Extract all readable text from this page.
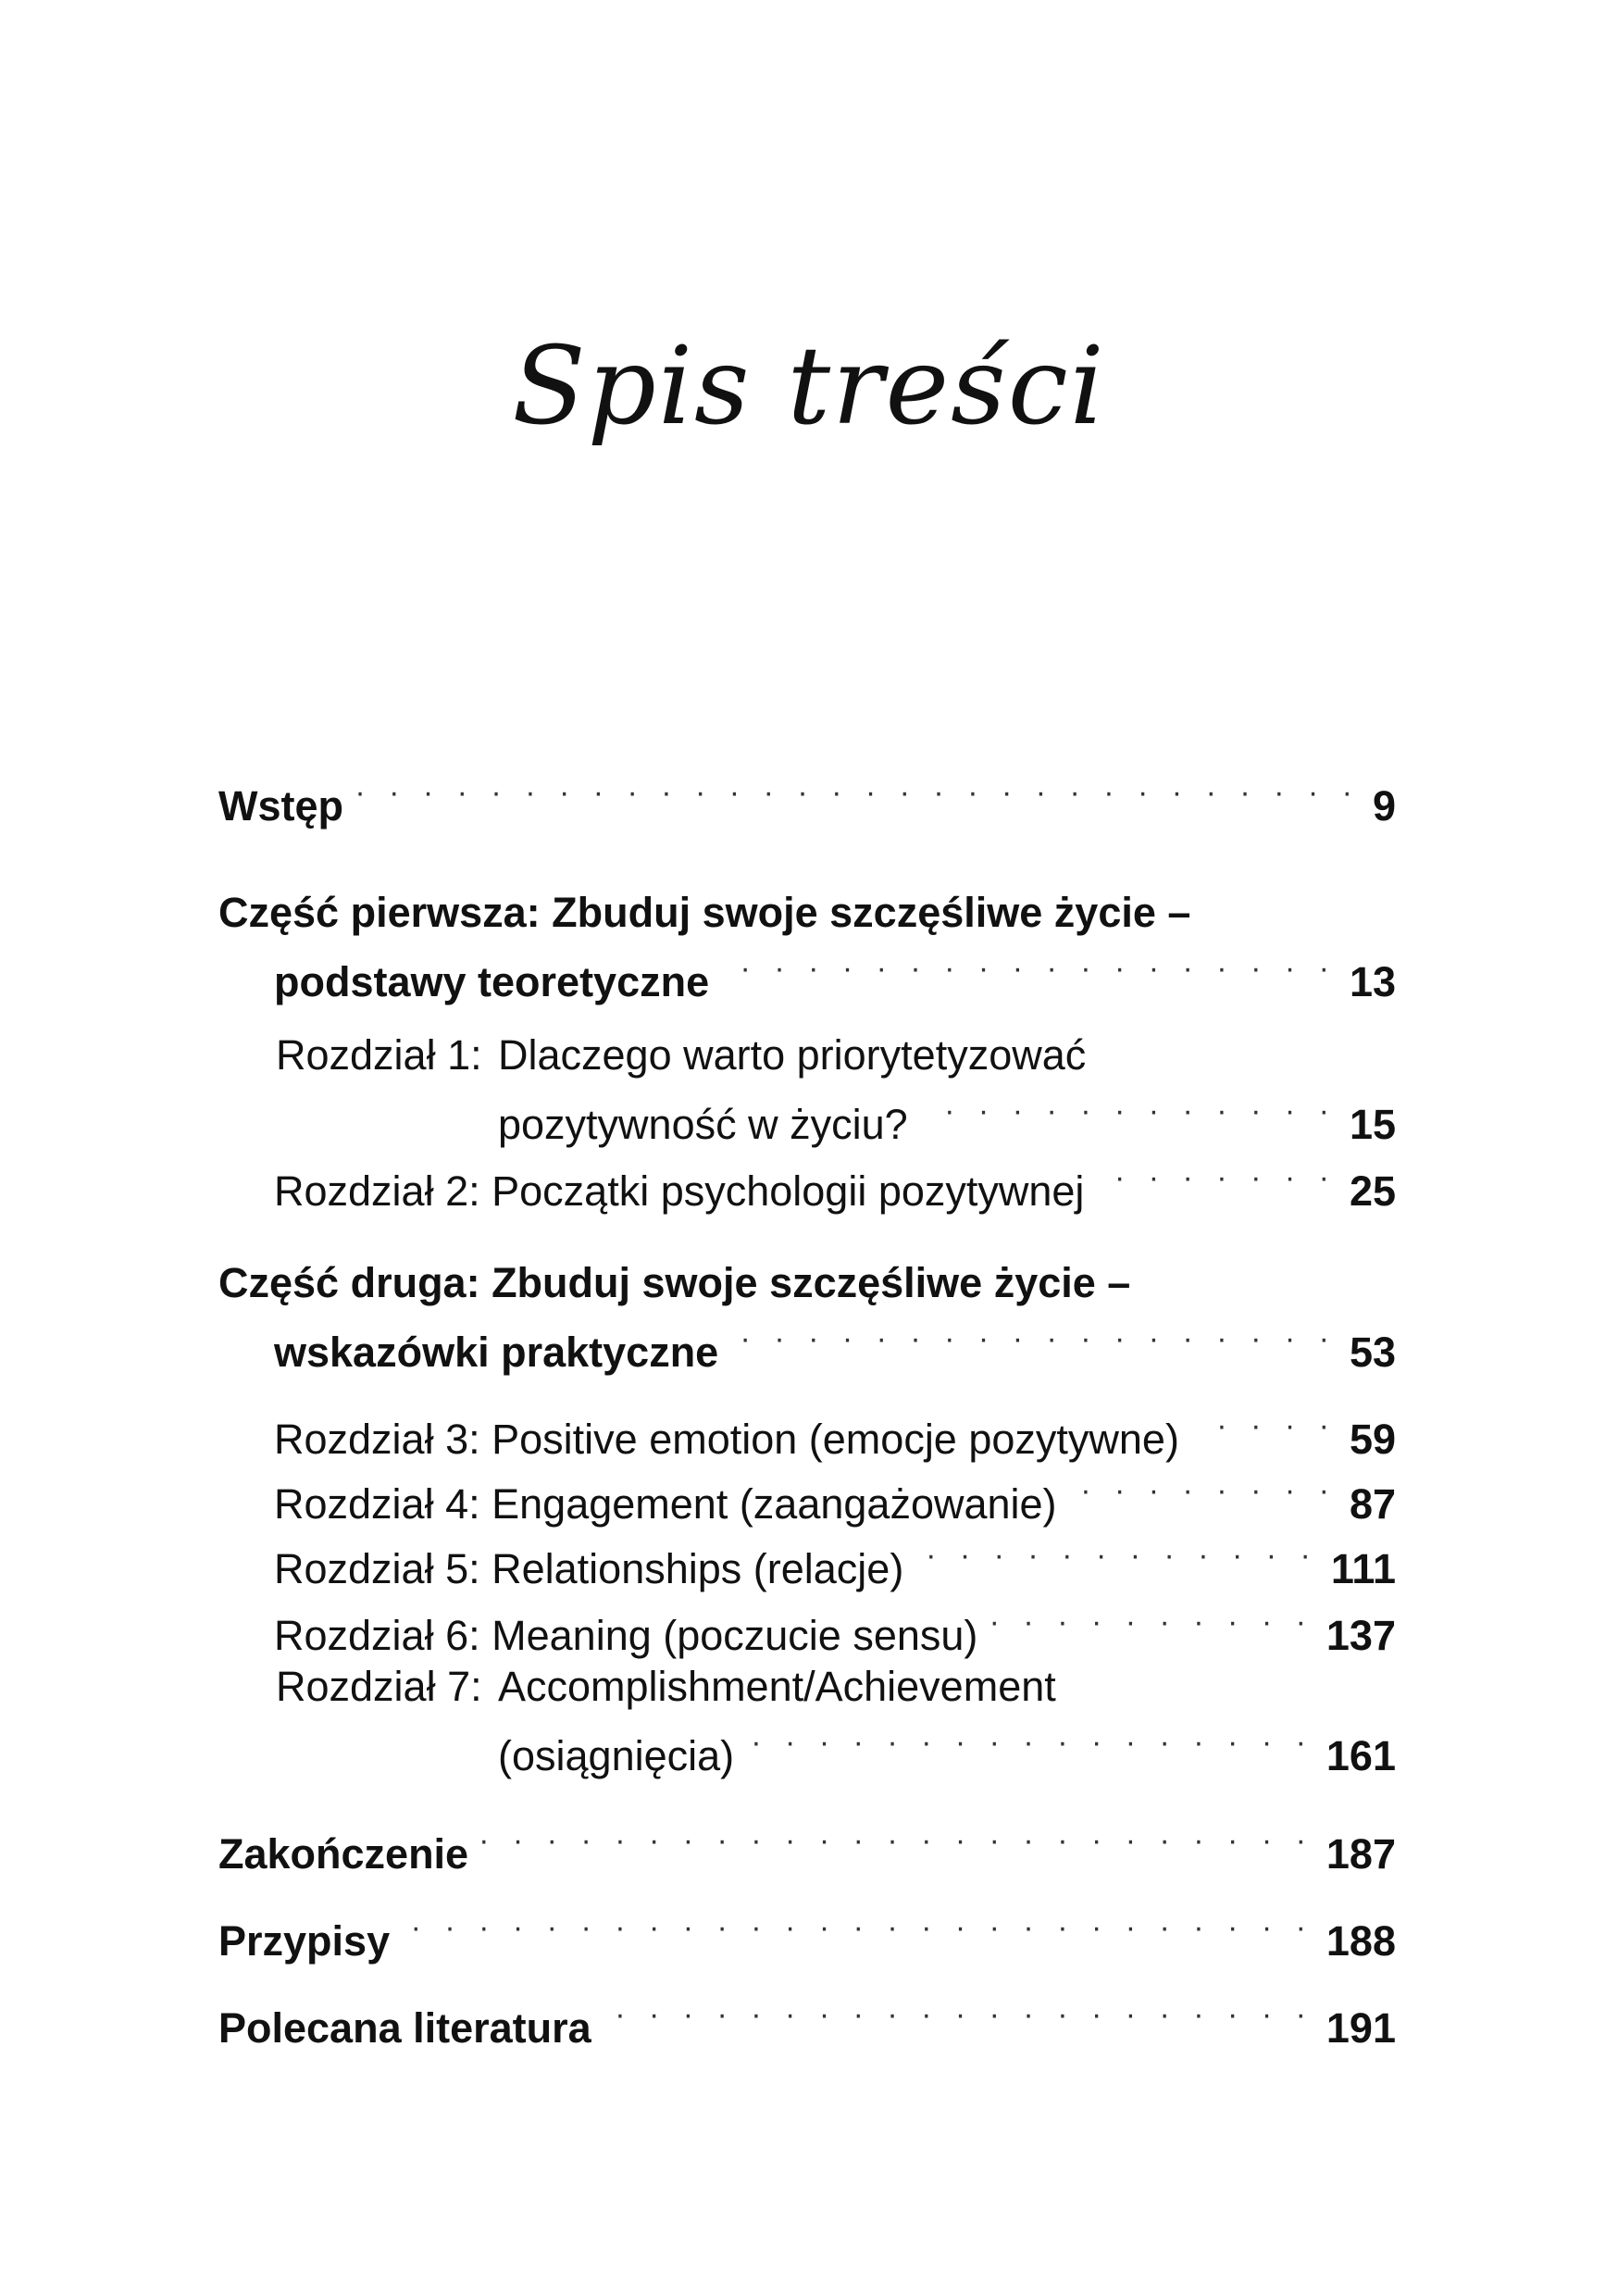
Spis treści
Wstęp · · ·	9
Część pierwsza: Zbuduj swoje szczęśliwe życie –
podstawy teoretyczne · · ·	13
Rozdział 1: Dlaczego warto priorytetyzować
pozytywność w życiu? · · ·	15
Rozdział 2: Początki psychologii pozytywnej · · ·	25
Część druga: Zbuduj swoje szczęśliwe życie –
wskazówki praktyczne · · ·	53
Rozdział 3: Positive emotion (emocje pozytywne) · · ·	59
Rozdział 4: Engagement (zaangażowanie) · · ·	87
Rozdział 5: Relationships (relacje) · · ·	111
Rozdział 6: Meaning (poczucie sensu) · · ·	137
Rozdział 7: Accomplishment/Achievement
(osiągnięcia) · · ·	161
Zakończenie · · ·	187
Przypisy · · ·	188
Polecana literatura · · ·	191
